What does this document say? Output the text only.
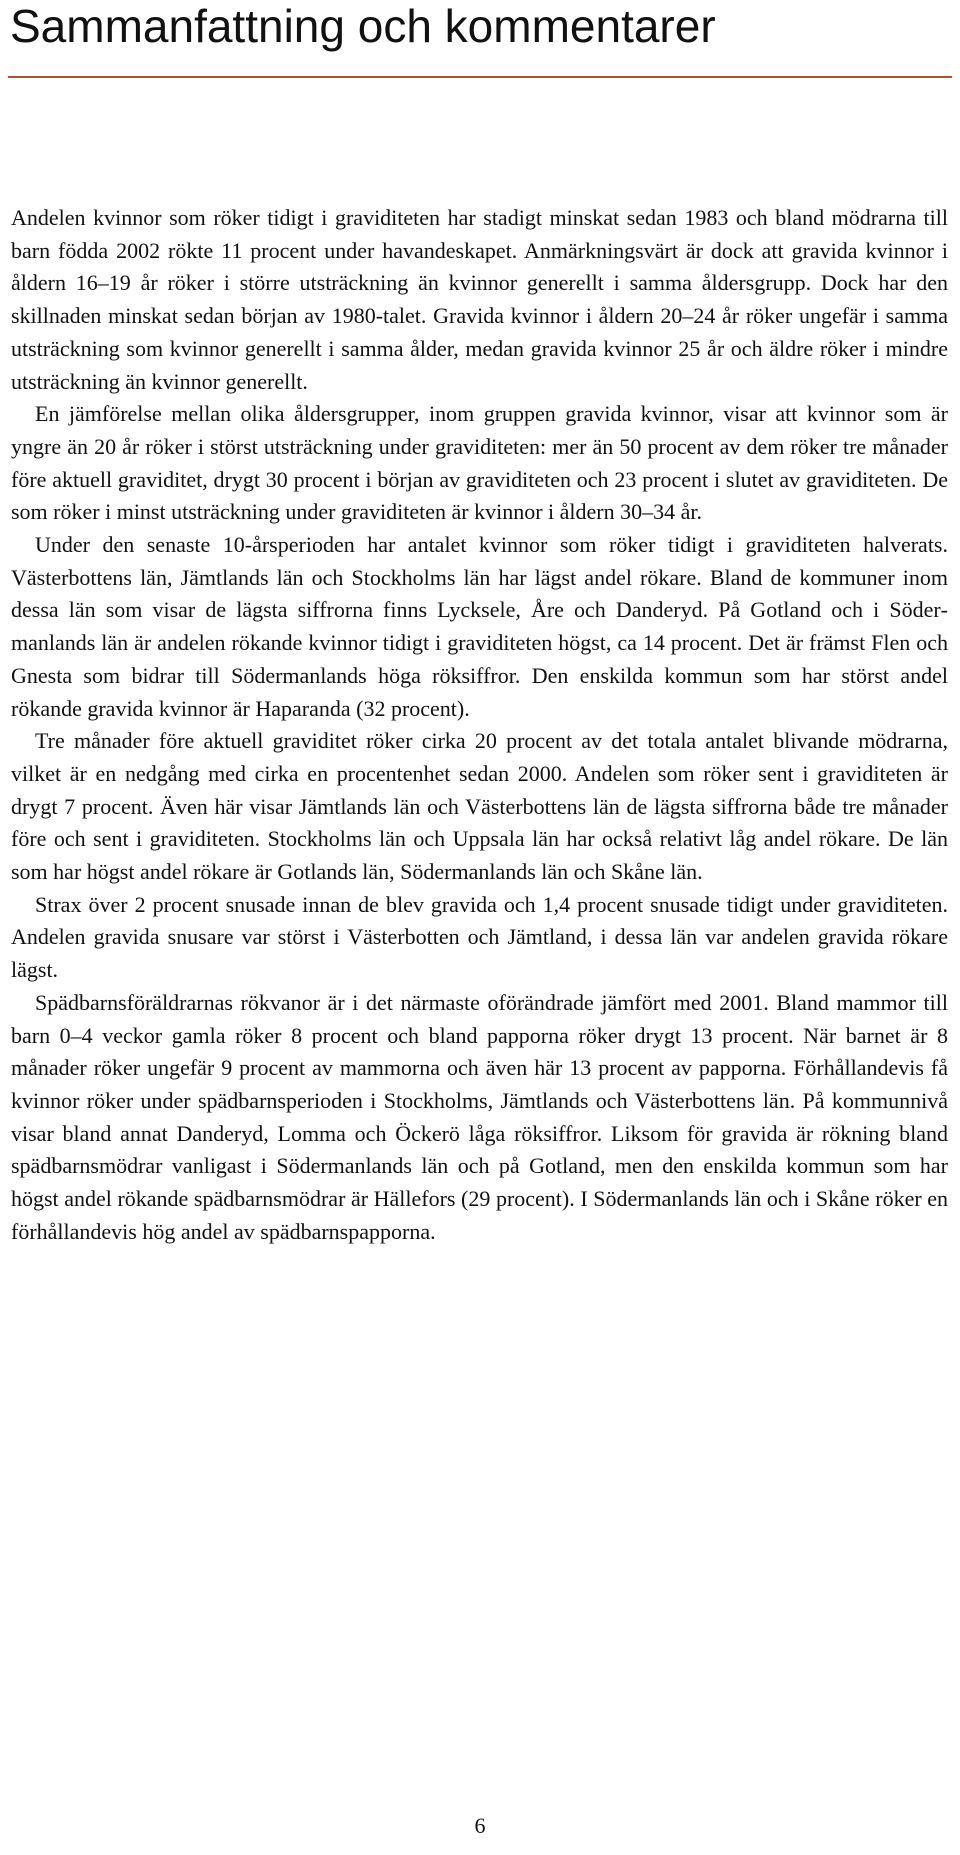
Sammanfattning och kommentarer

Andelen kvinnor som röker tidigt i graviditeten har stadigt minskat sedan 1983 och bland mödrarna till barn födda 2002 rökte 11 procent under havandeskapet. Anmärkningsvärt är dock att gravida kvinnor i åldern 16–19 år röker i större utsträckning än kvinnor generellt i samma åldersgrupp. Dock har den skillnaden minskat sedan början av 1980-talet. Gravida kvinnor i åldern 20–24 år röker ungefär i samma utsträckning som kvinnor generellt i samma ålder, medan gravida kvinnor 25 år och äldre röker i mindre utsträckning än kvinnor generellt.

En jämförelse mellan olika åldersgrupper, inom gruppen gravida kvinnor, visar att kvinnor som är yngre än 20 år röker i störst utsträckning under graviditeten: mer än 50 procent av dem röker tre månader före aktuell graviditet, drygt 30 procent i början av graviditeten och 23 procent i slutet av graviditeten. De som röker i minst utsträckning under graviditeten är kvinnor i åldern 30–34 år.

Under den senaste 10-årsperioden har antalet kvinnor som röker tidigt i graviditeten halverats. Västerbottens län, Jämtlands län och Stockholms län har lägst andel rökare. Bland de kommuner inom dessa län som visar de lägsta siffrorna finns Lycksele, Åre och Danderyd. På Gotland och i Södermanlands län är andelen rökande kvinnor tidigt i graviditeten högst, ca 14 procent. Det är främst Flen och Gnesta som bidrar till Södermanlands höga röksiffror. Den enskilda kommun som har störst andel rökande gravida kvinnor är Haparanda (32 procent).

Tre månader före aktuell graviditet röker cirka 20 procent av det totala antalet blivande mödrarna, vilket är en nedgång med cirka en procentenhet sedan 2000. Andelen som röker sent i graviditeten är drygt 7 procent. Även här visar Jämtlands län och Västerbottens län de lägsta siffrorna både tre månader före och sent i graviditeten. Stockholms län och Uppsala län har också relativt låg andel rökare. De län som har högst andel rökare är Gotlands län, Södermanlands län och Skåne län.

Strax över 2 procent snusade innan de blev gravida och 1,4 procent snusade tidigt under graviditeten. Andelen gravida snusare var störst i Västerbotten och Jämtland, i dessa län var andelen gravida rökare lägst.

Spädbarnsföräldrarnas rökvanor är i det närmaste oförändrade jämfört med 2001. Bland mammor till barn 0–4 veckor gamla röker 8 procent och bland papporna röker drygt 13 procent. När barnet är 8 månader röker ungefär 9 procent av mammorna och även här 13 procent av papporna. Förhållandevis få kvinnor röker under spädbarnsperioden i Stockholms, Jämtlands och Västerbottens län. På kommunnivå visar bland annat Danderyd, Lomma och Öckerö låga röksiffror. Liksom för gravida är rökning bland spädbarnsmödrar vanligast i Södermanlands län och på Gotland, men den enskilda kommun som har högst andel rökande spädbarnsmödrar är Hällefors (29 procent). I Södermanlands län och i Skåne röker en förhållandevis hög andel av spädbarnspapporna.

6
